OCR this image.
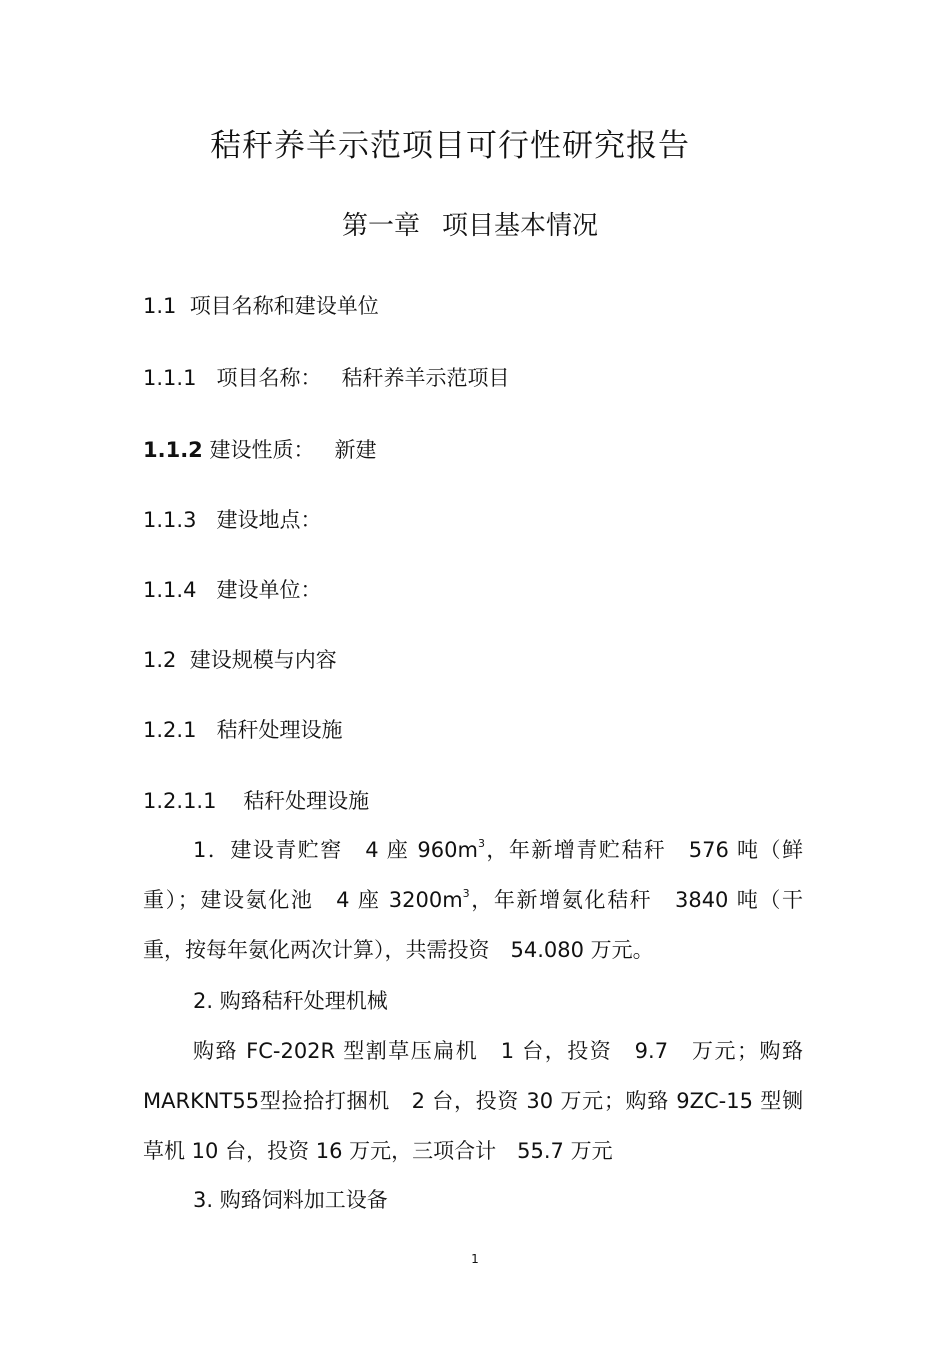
秸秆养羊示范项目可行性研究报告
第一章 项目基本情况

1.1 项目名称和建设单位

1.1.1 项目名称： 秸秆养羊示范项目

1.1.2 建设性质： 新建

1.1.3 建设地点：

1.1.4 建设单位：

1.2 建设规模与内容

1.2.1 秸秆处理设施

1.2.1.1 秸秆处理设施

1．建设青贮窖　4 座 $960m^3$，年新增青贮秸秆　576 吨（鲜

重）；建设氨化池　4 座 $3200m^3$，年新增氨化秸秆　3840 吨（干

重，按每年氨化两次计算），共需投资　54.080 万元。

2. 购臵秸秆处理机械

购臵 FC-202R 型割草压扁机　1 台，投资　9.7　万元；购臵

MARKNT55型捡拾打捆机　2 台，投资 30 万元；购臵 9ZC-15 型铡

草机 10 台，投资 16 万元，三项合计　55.7 万元

3. 购臵饲料加工设备

1
